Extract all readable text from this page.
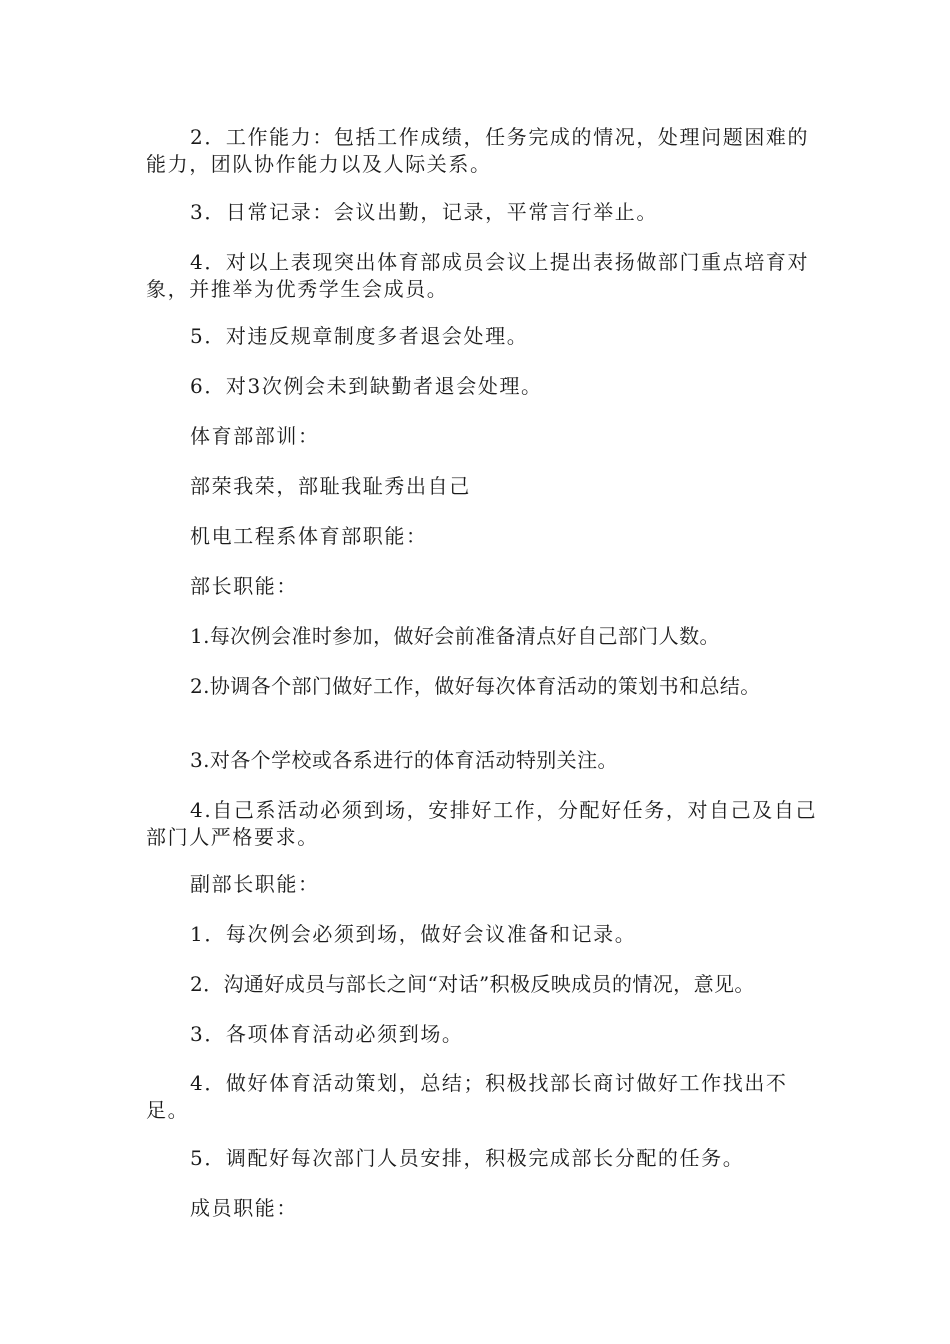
2．工作能力：包括工作成绩，任务完成的情况，处理问题困难的能力，团队协作能力以及人际关系。

3．日常记录：会议出勤，记录，平常言行举止。

4．对以上表现突出体育部成员会议上提出表扬做部门重点培育对象，并推举为优秀学生会成员。

5．对违反规章制度多者退会处理。

6．对3次例会未到缺勤者退会处理。

体育部部训：

部荣我荣，部耻我耻秀出自己

机电工程系体育部职能：

部长职能：

1.每次例会准时参加，做好会前准备清点好自己部门人数。

2.协调各个部门做好工作，做好每次体育活动的策划书和总结。

3.对各个学校或各系进行的体育活动特别关注。

4.自己系活动必须到场，安排好工作，分配好任务，对自己及自己部门人严格要求。

副部长职能：

1．每次例会必须到场，做好会议准备和记录。

2．沟通好成员与部长之间“对话”积极反映成员的情况，意见。

3．各项体育活动必须到场。

4．做好体育活动策划，总结；积极找部长商讨做好工作找出不足。

5．调配好每次部门人员安排，积极完成部长分配的任务。

成员职能：
